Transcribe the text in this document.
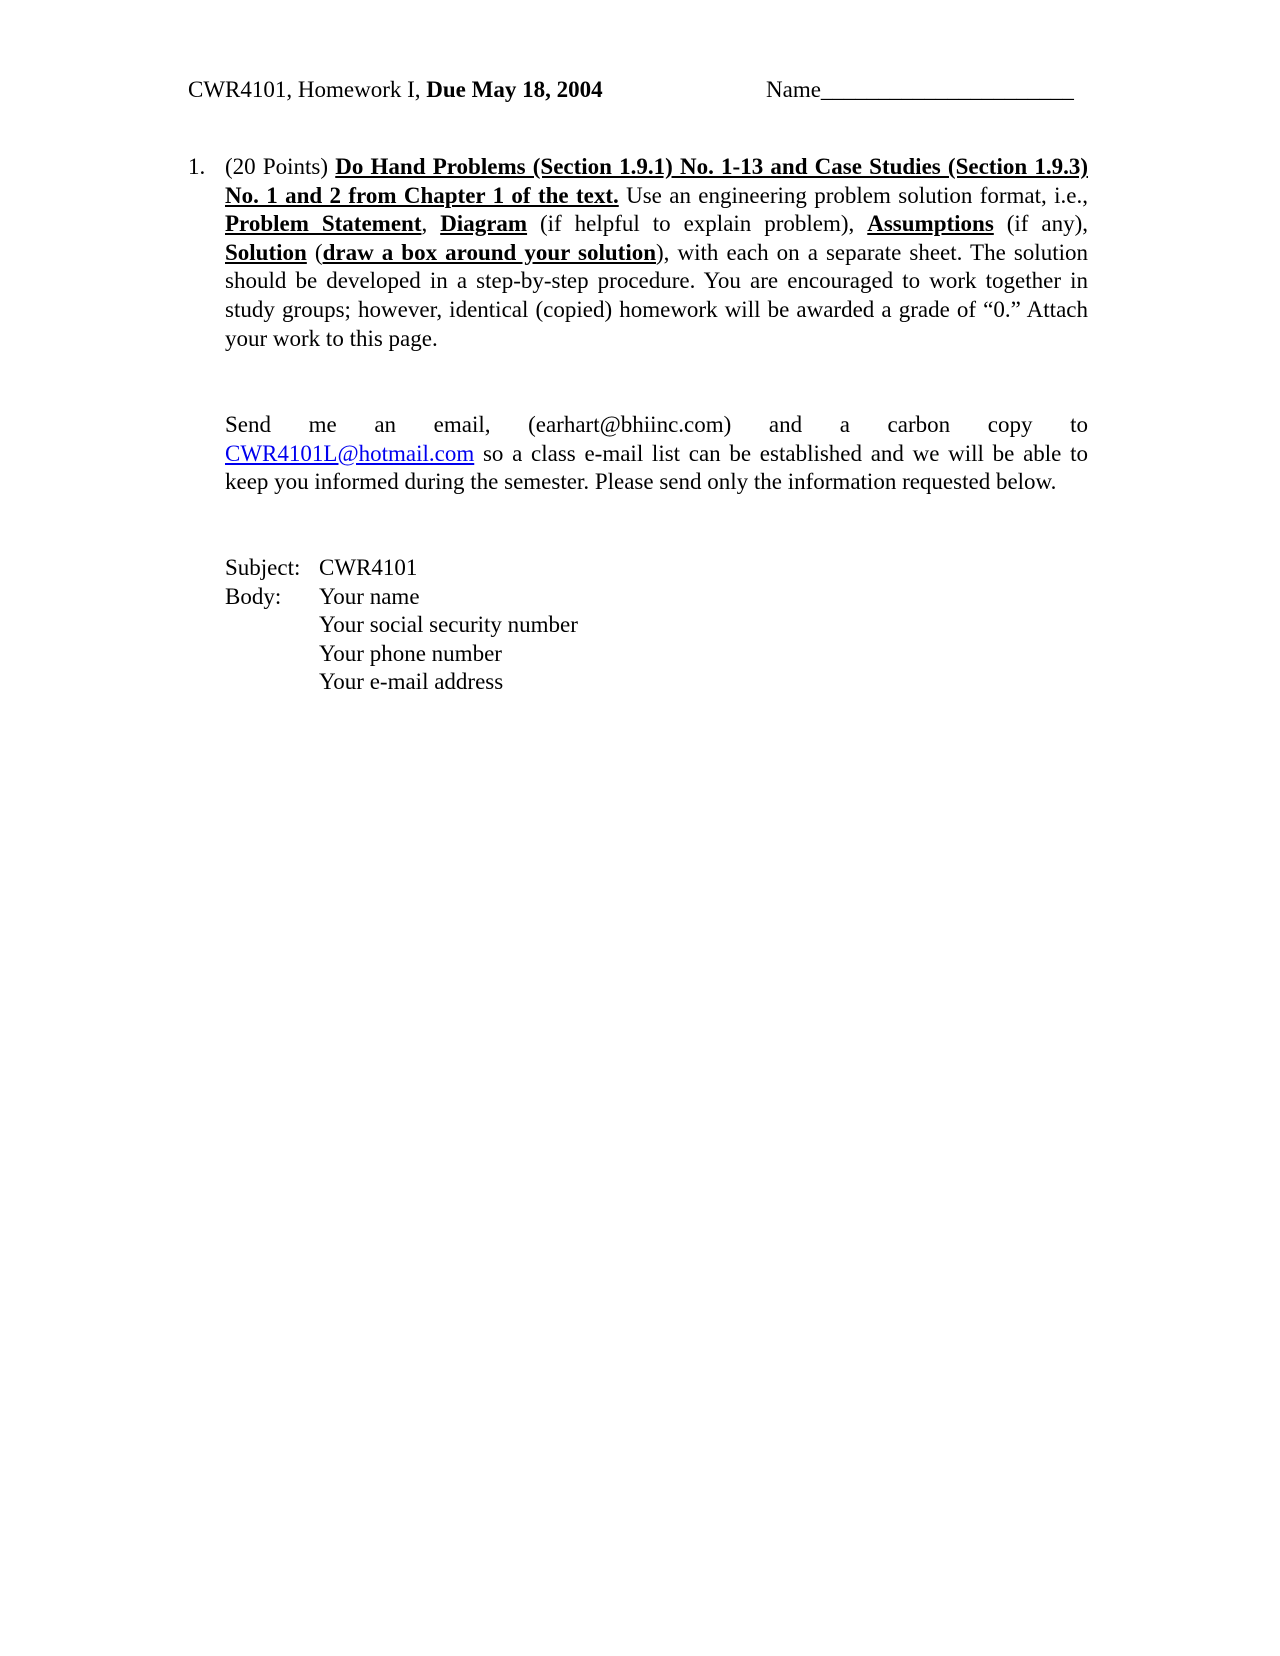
CWR4101, Homework I, Due May 18, 2004	Name______________________
1. (20 Points) Do Hand Problems (Section 1.9.1) No. 1-13 and Case Studies (Section 1.9.3) No. 1 and 2 from Chapter 1 of the text. Use an engineering problem solution format, i.e., Problem Statement, Diagram (if helpful to explain problem), Assumptions (if any), Solution (draw a box around your solution), with each on a separate sheet. The solution should be developed in a step-by-step procedure. You are encouraged to work together in study groups; however, identical (copied) homework will be awarded a grade of “0.” Attach your work to this page.
Send me an email, (earhart@bhiinc.com) and a carbon copy to
CWR4101L@hotmail.com so a class e-mail list can be established and we will be able to keep you informed during the semester. Please send only the information requested below.
Subject: CWR4101
Body: Your name
Your social security number
Your phone number
Your e-mail address
